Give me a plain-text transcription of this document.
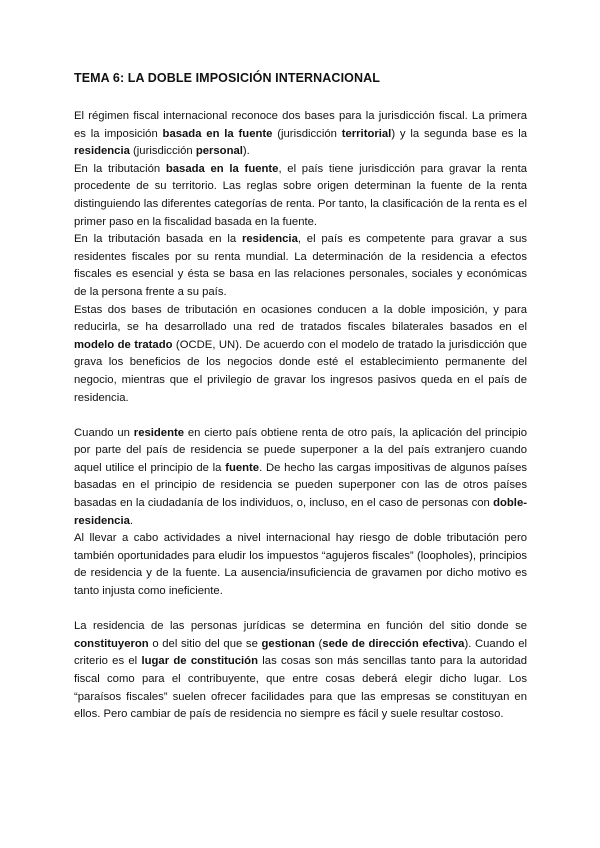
TEMA 6: LA DOBLE IMPOSICIÓN INTERNACIONAL

El régimen fiscal internacional reconoce dos bases para la jurisdicción fiscal. La primera es la imposición basada en la fuente (jurisdicción territorial) y la segunda base es la residencia (jurisdicción personal).

En la tributación basada en la fuente, el país tiene jurisdicción para gravar la renta procedente de su territorio. Las reglas sobre origen determinan la fuente de la renta distinguiendo las diferentes categorías de renta. Por tanto, la clasificación de la renta es el primer paso en la fiscalidad basada en la fuente.

En la tributación basada en la residencia, el país es competente para gravar a sus residentes fiscales por su renta mundial. La determinación de la residencia a efectos fiscales es esencial y ésta se basa en las relaciones personales, sociales y económicas de la persona frente a su país.

Estas dos bases de tributación en ocasiones conducen a la doble imposición, y para reducirla, se ha desarrollado una red de tratados fiscales bilaterales basados en el modelo de tratado (OCDE, UN). De acuerdo con el modelo de tratado la jurisdicción que grava los beneficios de los negocios donde esté el establecimiento permanente del negocio, mientras que el privilegio de gravar los ingresos pasivos queda en el país de residencia.

Cuando un residente en cierto país obtiene renta de otro país, la aplicación del principio por parte del país de residencia se puede superponer a la del país extranjero cuando aquel utilice el principio de la fuente. De hecho las cargas impositivas de algunos países basadas en el principio de residencia se pueden superponer con las de otros países basadas en la ciudadanía de los individuos, o, incluso, en el caso de personas con doble-residencia.

Al llevar a cabo actividades a nivel internacional hay riesgo de doble tributación pero también oportunidades para eludir los impuestos “agujeros fiscales” (loopholes), principios de residencia y de la fuente. La ausencia/insuficiencia de gravamen por dicho motivo es tanto injusta como ineficiente.

La residencia de las personas jurídicas se determina en función del sitio donde se constituyeron o del sitio del que se gestionan (sede de dirección efectiva). Cuando el criterio es el lugar de constitución las cosas son más sencillas tanto para la autoridad fiscal como para el contribuyente, que entre cosas deberá elegir dicho lugar. Los “paraísos fiscales” suelen ofrecer facilidades para que las empresas se constituyan en ellos. Pero cambiar de país de residencia no siempre es fácil y suele resultar costoso.
